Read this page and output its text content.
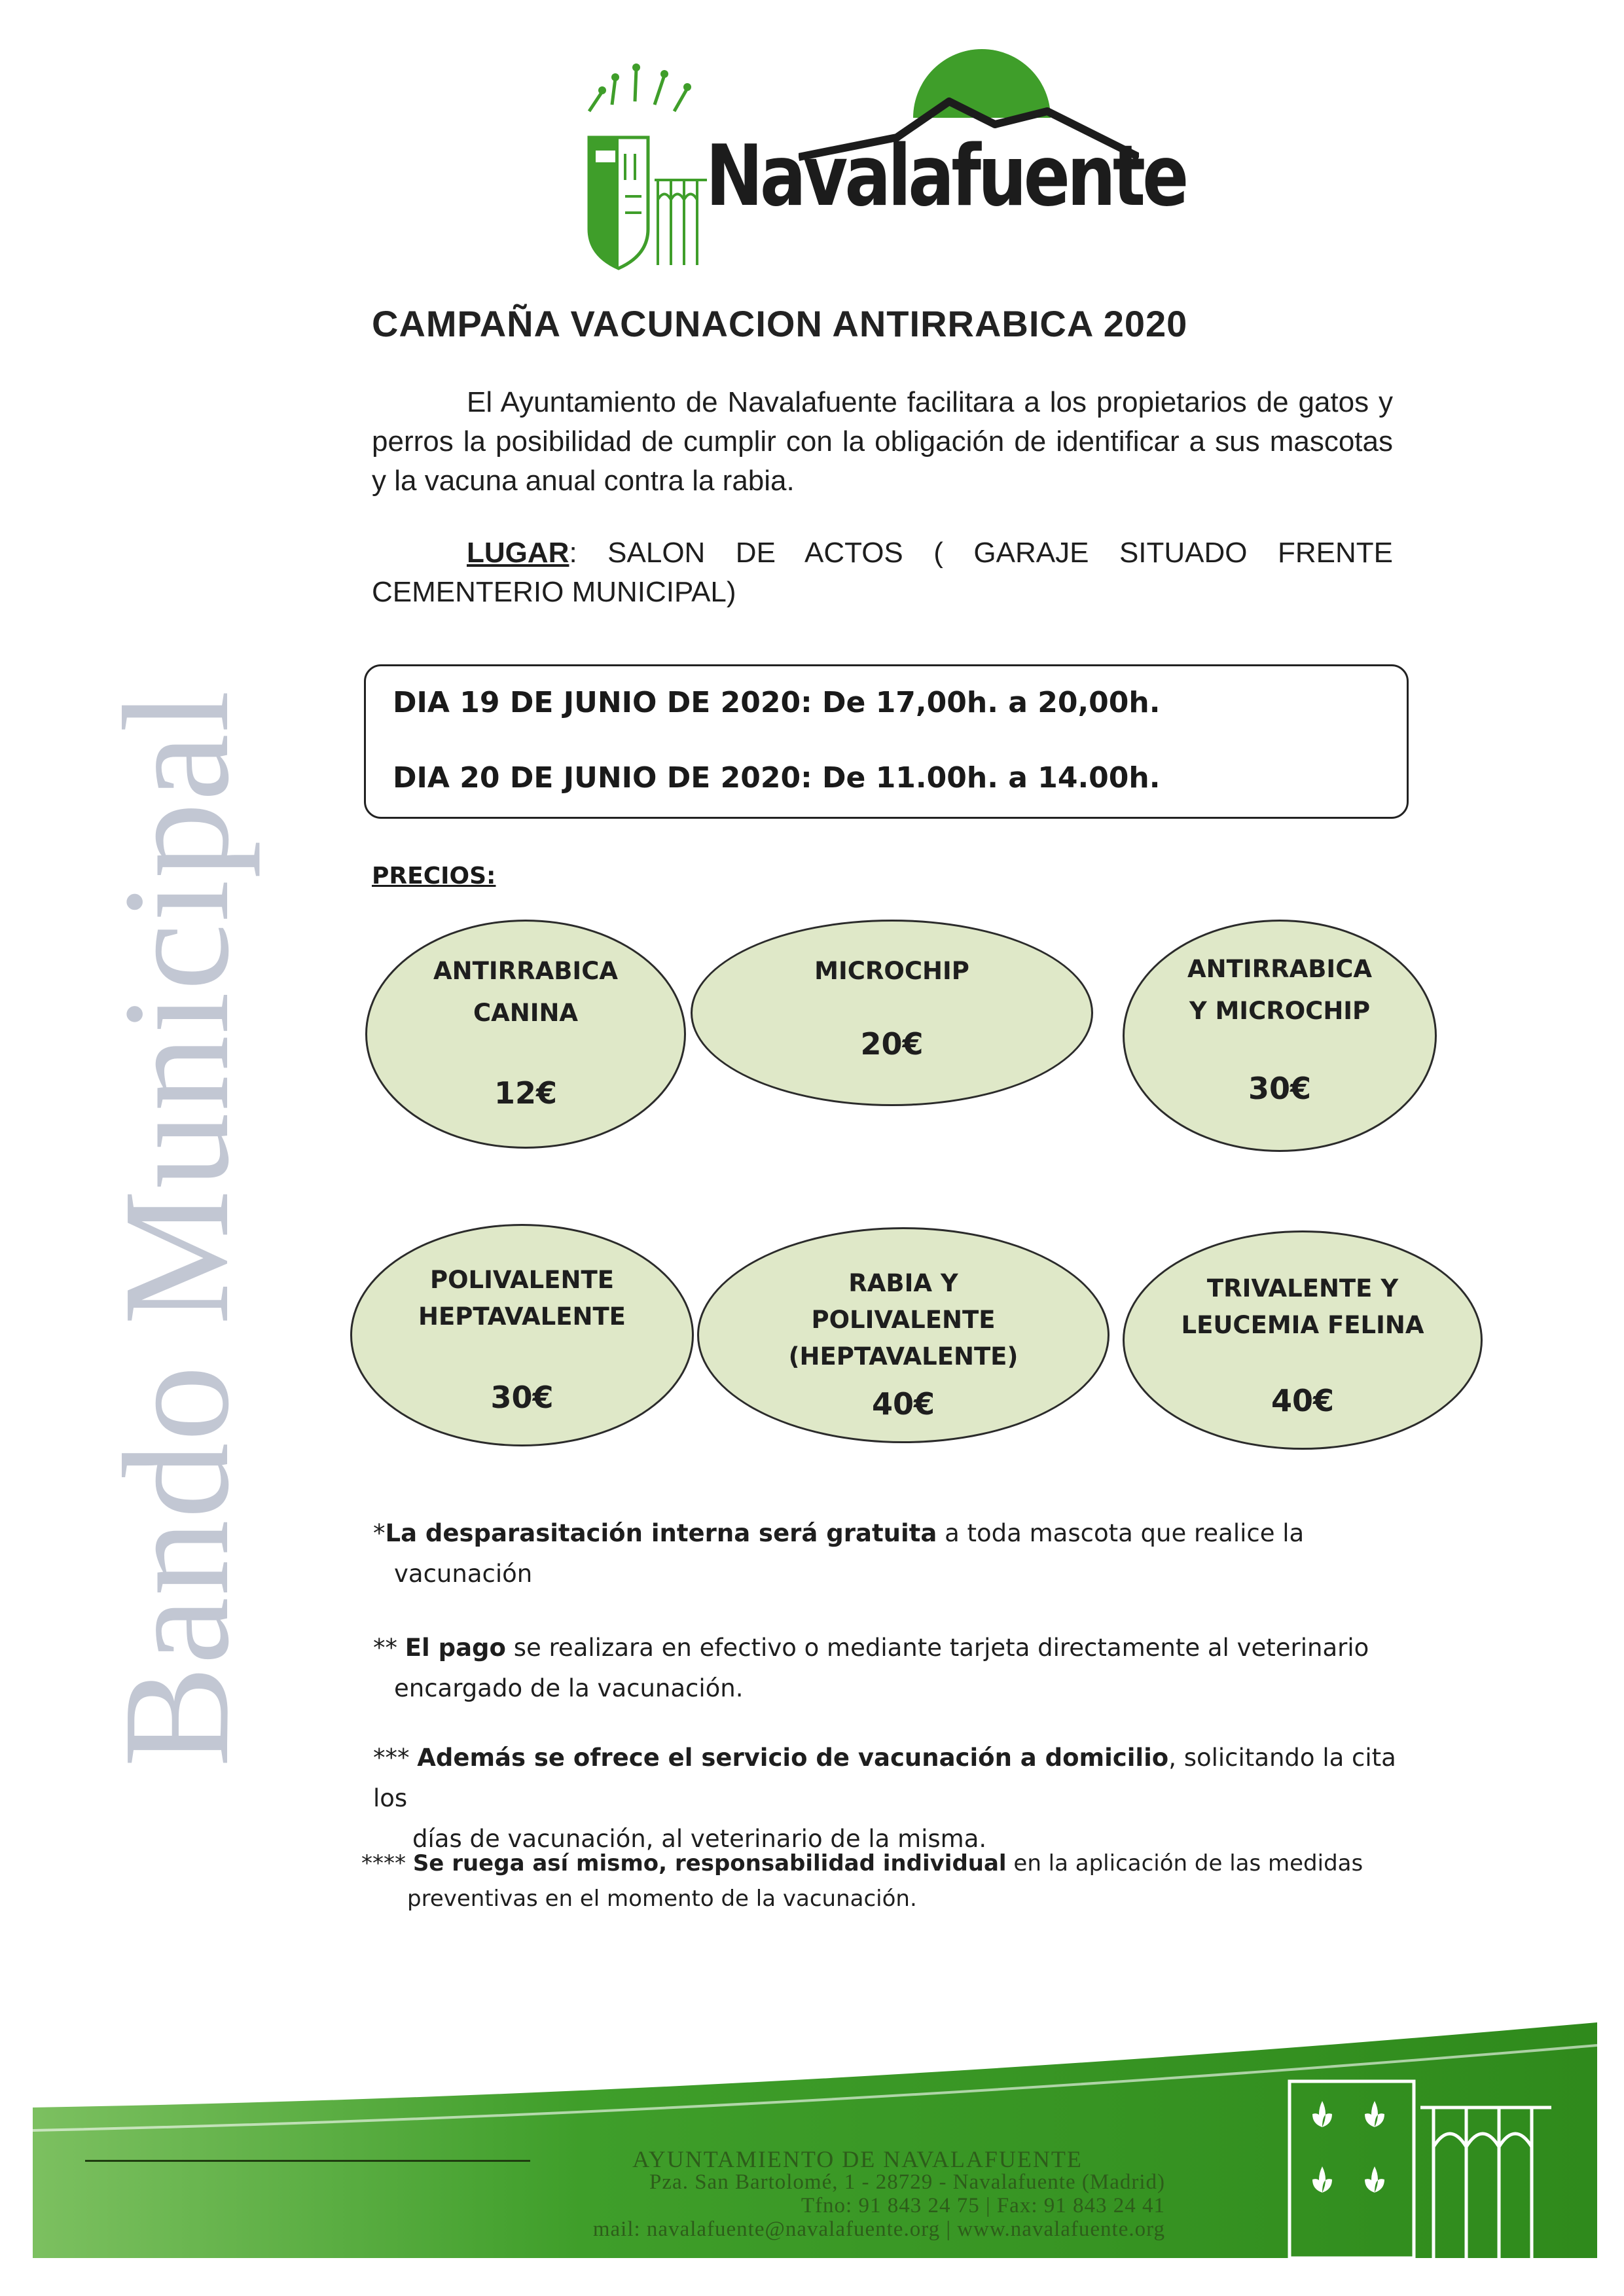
Bando Municipal
Navalafuente
CAMPAÑA VACUNACION ANTIRRABICA 2020
El Ayuntamiento de Navalafuente facilitara a los propietarios de gatos y perros la posibilidad de cumplir con la obligación de identificar a sus mascotas y la vacuna anual contra la rabia.
LUGAR: SALON DE ACTOS ( GARAJE SITUADO FRENTE CEMENTERIO MUNICIPAL)
DIA 19 DE JUNIO DE 2020: De 17,00h. a 20,00h.
DIA 20 DE JUNIO DE 2020: De 11.00h. a 14.00h.
PRECIOS:
ANTIRRABICA
CANINA
12€
MICROCHIP
20€
ANTIRRABICA
Y MICROCHIP
30€
POLIVALENTE
HEPTAVALENTE
30€
RABIA Y
POLIVALENTE
(HEPTAVALENTE)
40€
TRIVALENTE Y
LEUCEMIA FELINA
40€
*La desparasitación interna será gratuita a toda mascota que realice la
vacunación
** El pago se realizara en efectivo o mediante tarjeta directamente al veterinario
encargado de la vacunación.
*** Además se ofrece el servicio de vacunación a domicilio, solicitando la cita los
días de vacunación, al veterinario de la misma.
**** Se ruega así mismo, responsabilidad individual en la aplicación de las medidas
preventivas en el momento de la vacunación.
AYUNTAMIENTO DE NAVALAFUENTE
Pza. San Bartolomé, 1 - 28729 - Navalafuente (Madrid)
Tfno: 91 843 24 75 | Fax: 91 843 24 41
mail: navalafuente@navalafuente.org | www.navalafuente.org
